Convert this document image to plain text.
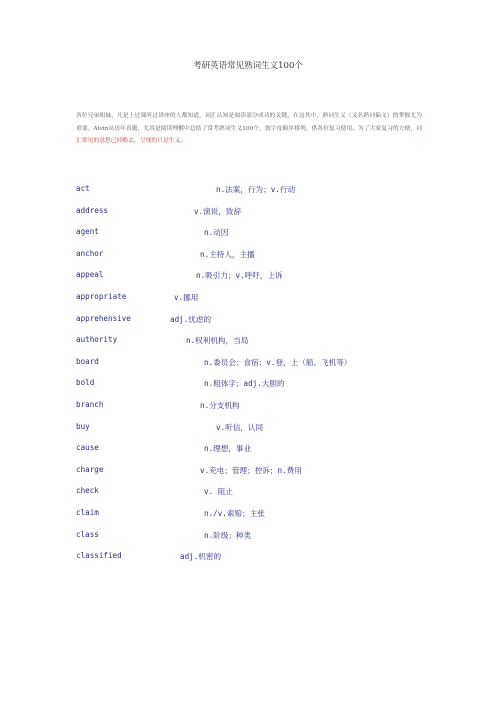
考研英语常见熟词生义100个
各位兄弟姐妹，凡是上过课听过讲座的人都知道，词汇认知是阅读部分成功的关键。在这其中，熟词生义（又名熟词偏义）的掌握尤为重要。Alvin从历年真题，尤其是阅读理解中总结了常考熟词生义100个，按字母顺序排列，供各位复习使用。为了大家复习的方便，词汇常见的意思已经略去，呈现的只是生义。
act	n.法案，行为；v.行动
address	v.演说，致辞
agent	n.动因
anchor	n.主持人，主播
appeal	n.吸引力；v.呼吁，上诉
appropriate	v.挪用
apprehensive	adj.忧虑的
authority	n.权利机构，当局
board	n.委员会；食宿；v.登，上（船、飞机等）
bold	n.粗体字；adj.大胆的
branch	n.分支机构
buy	v.听信，认同
cause	n.理想，事业
charge	v.充电；管理；控诉；n.费用
check	v. 阻止
claim	n./v.索赔；主张
class	n.阶级；种类
classified	adj.机密的
